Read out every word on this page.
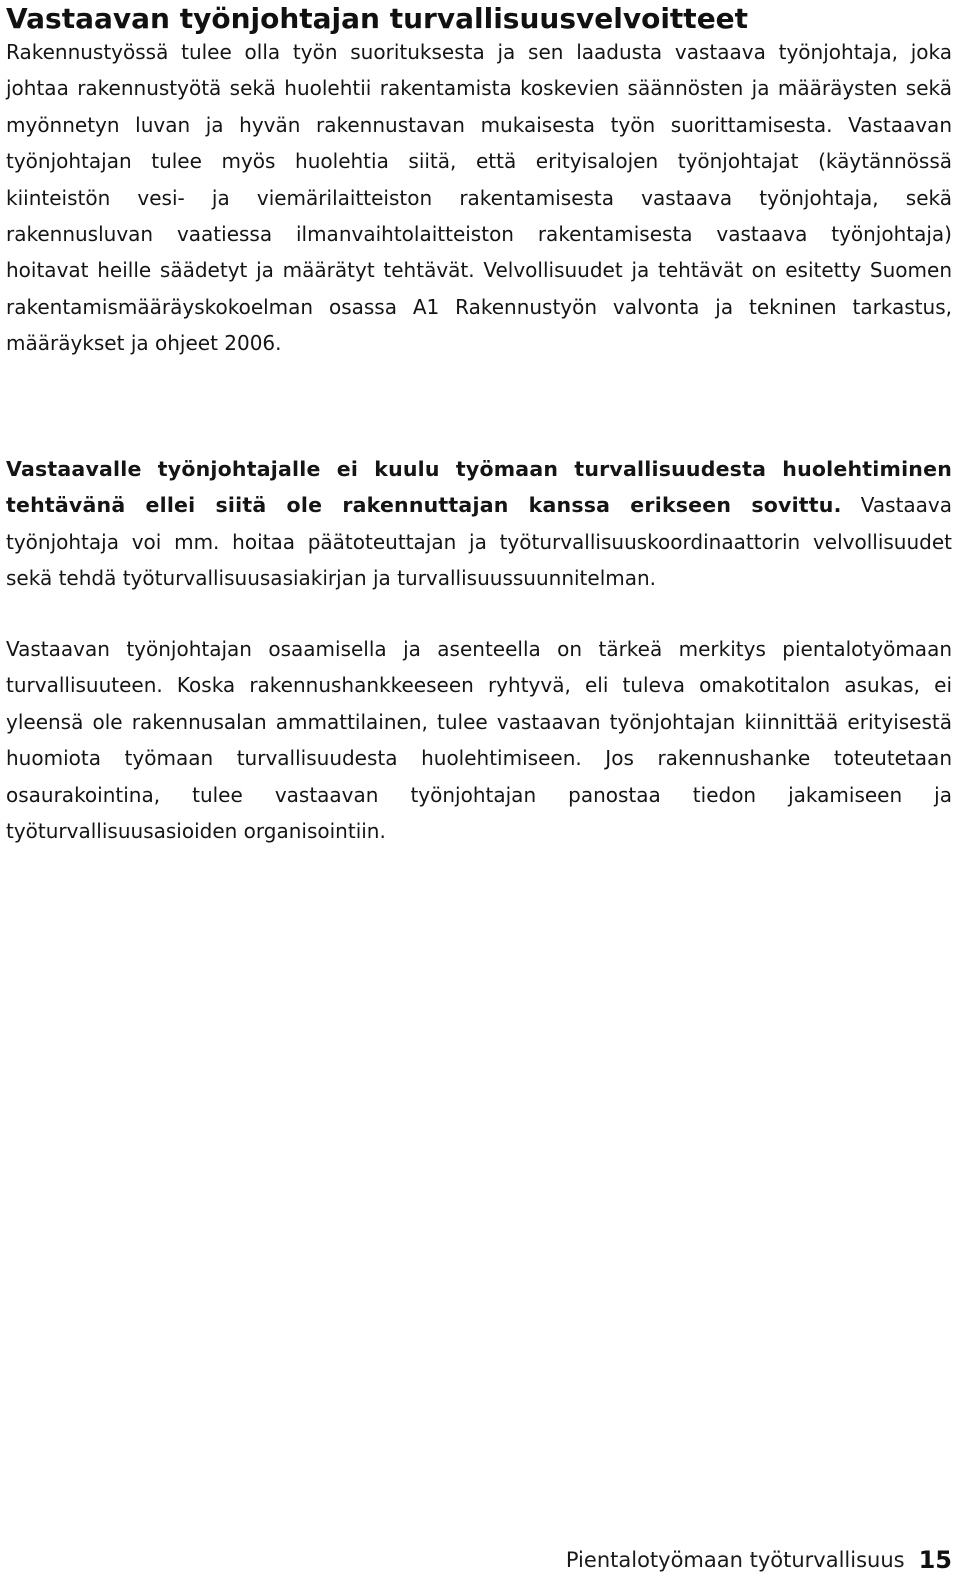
Vastaavan työnjohtajan turvallisuusvelvoitteet

Rakennustyössä tulee olla työn suorituksesta ja sen laadusta vastaava työnjohtaja, joka johtaa rakennustyötä sekä huolehtii rakentamista koskevien säännösten ja määräysten sekä myönnetyn luvan ja hyvän rakennustavan mukaisesta työn suorittamisesta. Vastaavan työnjohtajan tulee myös huolehtia siitä, että erityisalojen työnjohtajat (käytännössä kiinteistön vesi- ja viemärilaitteiston rakentamisesta vastaava työnjohtaja, sekä rakennusluvan vaatiessa ilmanvaihtolaitteiston rakentamisesta vastaava työnjohtaja) hoitavat heille säädetyt ja määrätyt tehtävät. Velvollisuudet ja tehtävät on esitetty Suomen rakentamismääräyskokoelman osassa A1 Rakennustyön valvonta ja tekninen tarkastus, määräykset ja ohjeet 2006.

Vastaavalle työnjohtajalle ei kuulu työmaan turvallisuudesta huolehtiminen tehtävänä ellei siitä ole rakennuttajan kanssa erikseen sovittu. Vastaava työnjohtaja voi mm. hoitaa päätoteuttajan ja työturvallisuuskoordinaattorin velvollisuudet sekä tehdä työturvallisuusasiakirjan ja turvallisuussuunnitelman.

Vastaavan työnjohtajan osaamisella ja asenteella on tärkeä merkitys pientalotyömaan turvallisuuteen. Koska rakennushankkeeseen ryhtyvä, eli tuleva omakotitalon asukas, ei yleensä ole rakennusalan ammattilainen, tulee vastaavan työnjohtajan kiinnittää erityisestä huomiota työmaan turvallisuudesta huolehtimiseen. Jos rakennushanke toteutetaan osaurakointina, tulee vastaavan työnjohtajan panostaa tiedon jakamiseen ja työturvallisuusasioiden organisointiin.

Pientalotyömaan työturvallisuus 15
